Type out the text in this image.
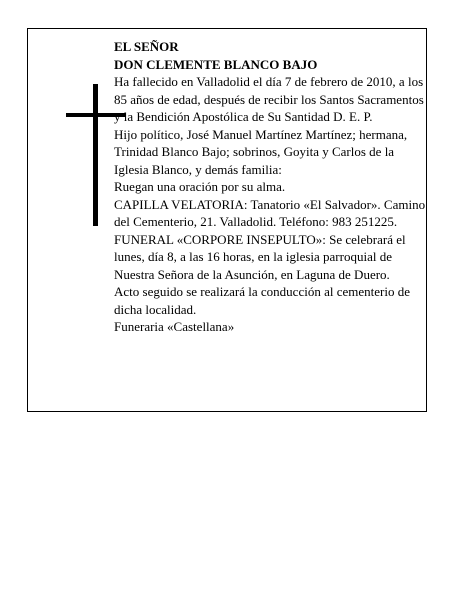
EL SEÑOR

DON CLEMENTE BLANCO BAJO

Ha fallecido en Valladolid el día 7 de febrero de 2010, a los 85 años de edad, después de recibir los Santos Sacramentos y la Bendición Apostólica de Su Santidad D. E. P.

Hijo político, José Manuel Martínez Martínez; hermana, Trinidad Blanco Bajo; sobrinos, Goyita y Carlos de la Iglesia Blanco, y demás familia:

Ruegan una oración por su alma.

CAPILLA VELATORIA: Tanatorio «El Salvador». Camino del Cementerio, 21. Valladolid. Teléfono: 983 251225.

FUNERAL «CORPORE INSEPULTO»: Se celebrará el lunes, día 8, a las 16 horas, en la iglesia parroquial de Nuestra Señora de la Asunción, en Laguna de Duero.

Acto seguido se realizará la conducción al cementerio de dicha localidad.

Funeraria «Castellana»
